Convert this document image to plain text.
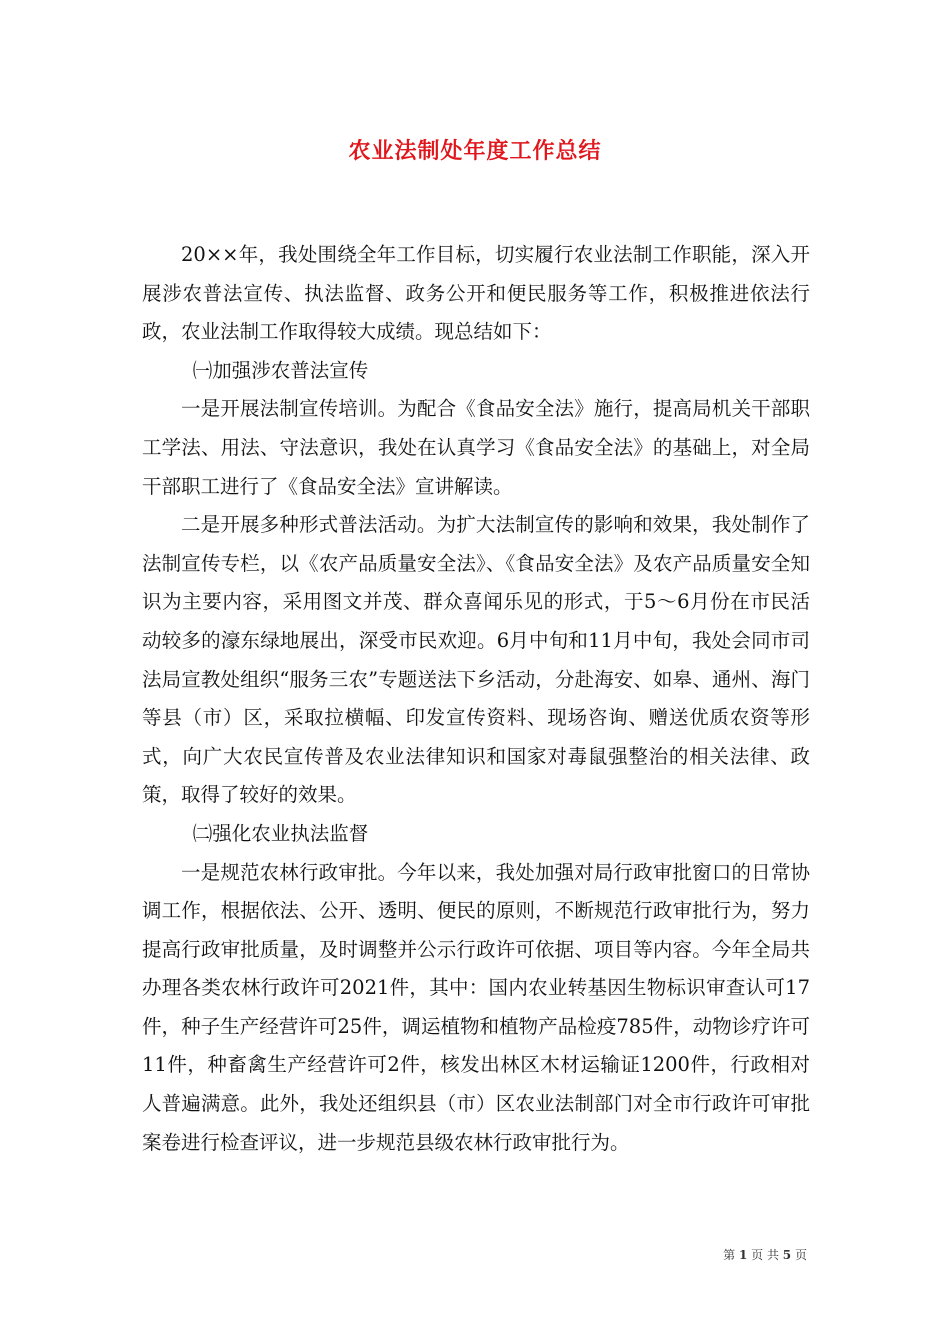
农业法制处年度工作总结

20××年，我处围绕全年工作目标，切实履行农业法制工作职能，深入开展涉农普法宣传、执法监督、政务公开和便民服务等工作，积极推进依法行政，农业法制工作取得较大成绩。现总结如下：

㈠加强涉农普法宣传

一是开展法制宣传培训。为配合《食品安全法》施行，提高局机关干部职工学法、用法、守法意识，我处在认真学习《食品安全法》的基础上，对全局干部职工进行了《食品安全法》宣讲解读。

二是开展多种形式普法活动。为扩大法制宣传的影响和效果，我处制作了法制宣传专栏，以《农产品质量安全法》、《食品安全法》及农产品质量安全知识为主要内容，采用图文并茂、群众喜闻乐见的形式，于5～6月份在市民活动较多的濠东绿地展出，深受市民欢迎。6月中旬和11月中旬，我处会同市司法局宣教处组织“服务三农”专题送法下乡活动，分赴海安、如皋、通州、海门等县（市）区，采取拉横幅、印发宣传资料、现场咨询、赠送优质农资等形式，向广大农民宣传普及农业法律知识和国家对毒鼠强整治的相关法律、政策，取得了较好的效果。

㈡强化农业执法监督

一是规范农林行政审批。今年以来，我处加强对局行政审批窗口的日常协调工作，根据依法、公开、透明、便民的原则，不断规范行政审批行为，努力提高行政审批质量，及时调整并公示行政许可依据、项目等内容。今年全局共办理各类农林行政许可2021件，其中：国内农业转基因生物标识审查认可17件，种子生产经营许可25件，调运植物和植物产品检疫785件，动物诊疗许可11件，种畜禽生产经营许可2件，核发出林区木材运输证1200件，行政相对人普遍满意。此外，我处还组织县（市）区农业法制部门对全市行政许可审批案卷进行检查评议，进一步规范县级农林行政审批行为。

第 1 页 共 5 页
